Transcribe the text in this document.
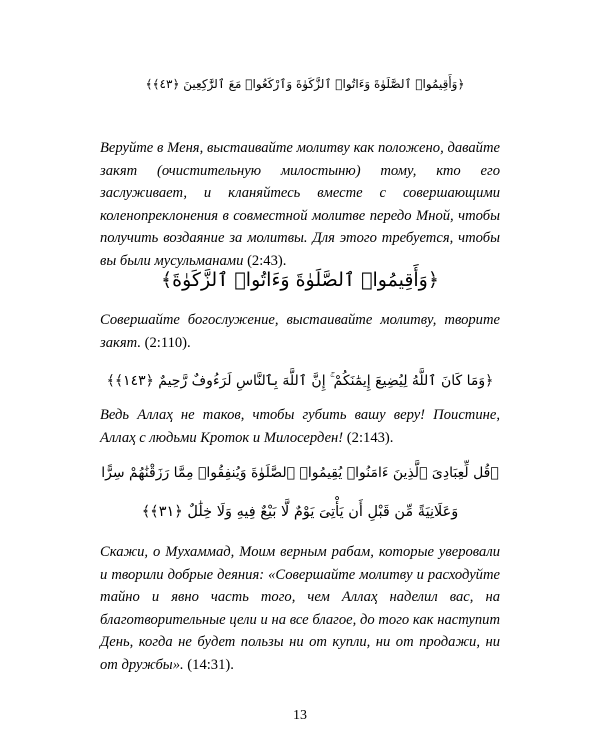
﴿وَأَقِيمُوا۟ ٱلصَّلَوٰةَ وَءَاتُوا۟ ٱلزَّكَوٰةَ وَٱرْكَعُوا۟ مَعَ ٱلرَّٰكِعِينَ ﴿٤٣﴾﴾
Веруйте в Меня, выстаивайте молитву как положено, давайте закят (очистительную милостыню) тому, кто его заслуживает, и кланяйтесь вместе с совершающими коленопреклонения в совместной молитве передо Мной, чтобы получить воздаяние за молитвы. Для этого требуется, чтобы вы были мусульманами (2:43).
﴿وَأَقِيمُوا۟ ٱلصَّلَوٰةَ وَءَاتُوا۟ ٱلزَّكَوٰةَ﴾
Совершайте богослужение, выстаивайте молитву, творите закят. (2:110).
﴿وَمَا كَانَ ٱللَّهُ لِيُضِيعَ إِيمَٰنَكُمْ ۚ إِنَّ ٱللَّهَ بِٱلنَّاسِ لَرَءُوفٌ رَّحِيمٌ ﴿١٤٣﴾﴾
Ведь Аллаҳ не таков, чтобы губить вашу веру! Поистине, Аллаҳ с людьми Кроток и Милосерден! (2:143).
﴿قُل لِّعِبَادِىَ ٱلَّذِينَ ءَامَنُوا۟ يُقِيمُوا۟ ٱلصَّلَوٰةَ وَيُنفِقُوا۟ مِمَّا رَزَقْنَٰهُمْ سِرًّا
وَعَلَانِيَةً مِّن قَبْلِ أَن يَأْتِىَ يَوْمٌ لَّا بَيْعٌ فِيهِ وَلَا خِلَٰلٌ ﴿٣١﴾﴾
Скажи, о Мухаммад, Моим верным рабам, которые уверовали и творили добрые деяния: «Совершайте молитву и расходуйте тайно и явно часть того, чем Аллаҳ наделил вас, на благотворительные цели и на все благое, до того как наступит День, когда не будет пользы ни от купли, ни от продажи, ни от дружбы». (14:31).
13
